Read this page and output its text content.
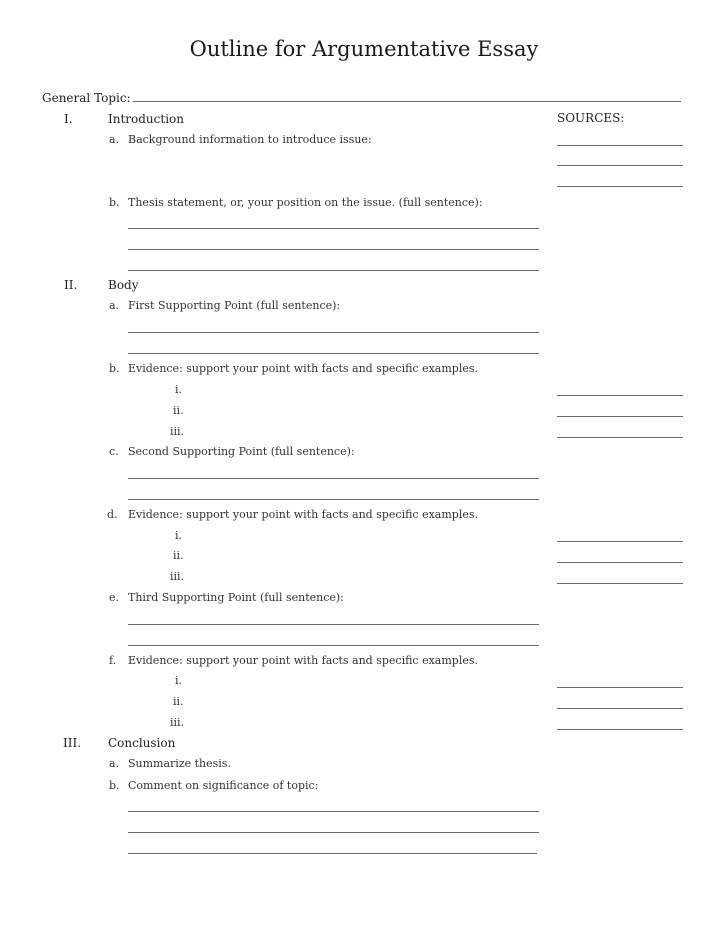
Outline for Argumentative Essay
General Topic:
I.	Introduction	SOURCES:
a. Background information to introduce issue:
b. Thesis statement, or, your position on the issue. (full sentence):
II.	Body
a. First Supporting Point (full sentence):
b. Evidence: support your point with facts and specific examples.
i.
ii.
iii.
c. Second Supporting Point (full sentence):
d. Evidence: support your point with facts and specific examples.
i.
ii.
iii.
e. Third Supporting Point (full sentence):
f. Evidence: support your point with facts and specific examples.
i.
ii.
iii.
III. Conclusion
a. Summarize thesis.
b. Comment on significance of topic:
